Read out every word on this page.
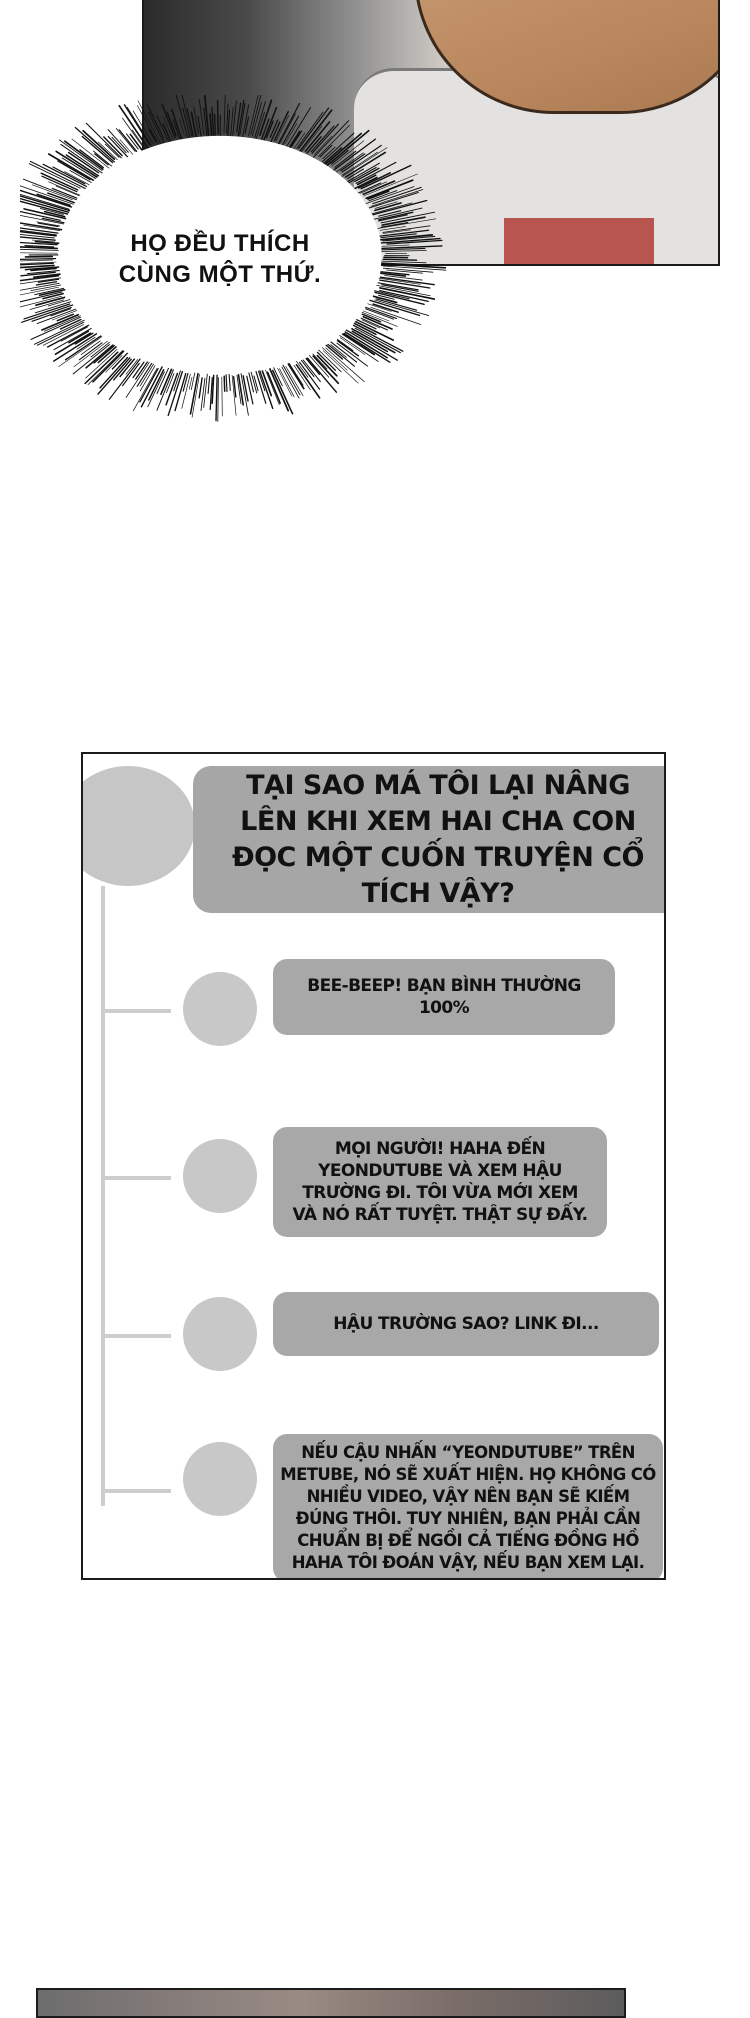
HỌ ĐỀU THÍCH CÙNG MỘT THỨ.
TẠI SAO MÁ TÔI LẠI NÂNG LÊN KHI XEM HAI CHA CON ĐỌC MỘT CUỐN TRUYỆN CỔ TÍCH VẬY?
BEE-BEEP! BẠN BÌNH THƯỜNG 100%
MỌI NGƯỜI! HAHA ĐẾN YEONDUTUBE VÀ XEM HẬU TRƯỜNG ĐI. TÔI VỪA MỚI XEM VÀ NÓ RẤT TUYỆT. THẬT SỰ ĐẤY.
HẬU TRƯỜNG SAO? LINK ĐI...
NẾU CẬU NHẤN “YEONDUTUBE” TRÊN METUBE, NÓ SẼ XUẤT HIỆN. HỌ KHÔNG CÓ NHIỀU VIDEO, VẬY NÊN BẠN SẼ KIẾM ĐÚNG THÔI. TUY NHIÊN, BẠN PHẢI CẦN CHUẨN BỊ ĐỂ NGỒI CẢ TIẾNG ĐỒNG HỒ HAHA TÔI ĐOÁN VẬY, NẾU BẠN XEM LẠI.
